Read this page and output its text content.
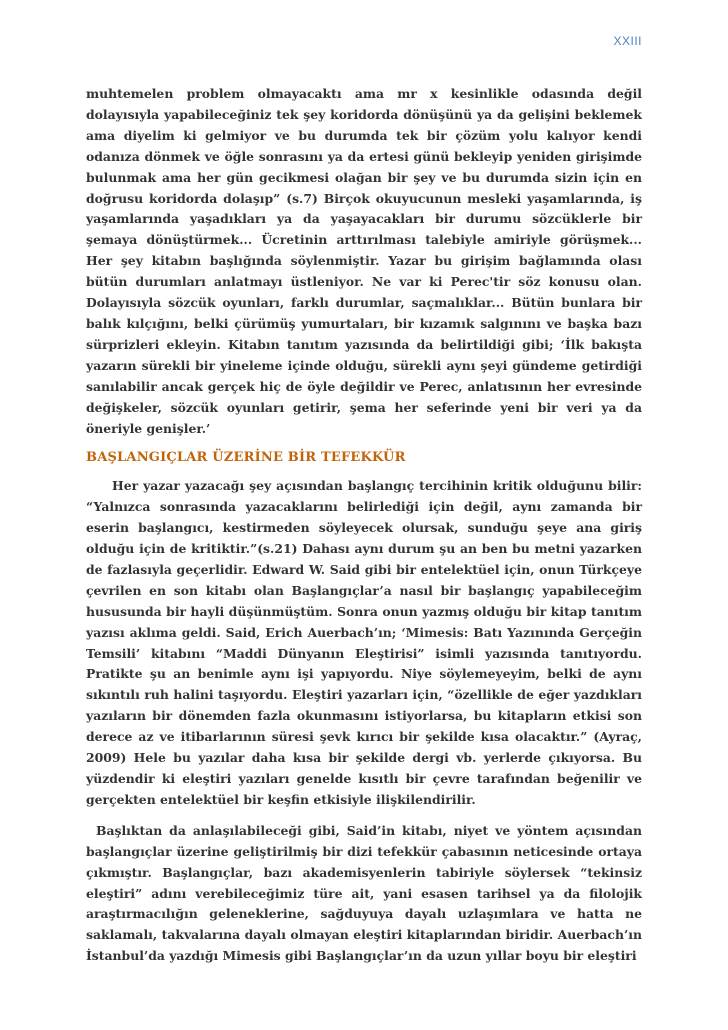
XXIII

muhtemelen problem olmayacaktı ama mr x kesinlikle odasında değil dolayısıyla yapabileceğiniz tek şey koridorda dönüşünü ya da gelişini beklemek ama diyelim ki gelmiyor ve bu durumda tek bir çözüm yolu kalıyor kendi odanıza dönmek ve öğle sonrasını ya da ertesi günü bekleyip yeniden girişimde bulunmak ama her gün gecikmesi olağan bir şey ve bu durumda sizin için en doğrusu koridorda dolaşıp” (s.7) Birçok okuyucunun mesleki yaşamlarında, iş yaşamlarında yaşadıkları ya da yaşayacakları bir durumu sözcüklerle bir şemaya dönüştürmek... Ücretinin arttırılması talebiyle amiriyle görüşmek... Her şey kitabın başlığında söylenmiştir. Yazar bu girişim bağlamında olası bütün durumları anlatmayı üstleniyor. Ne var ki Perec'tir söz konusu olan. Dolayısıyla sözcük oyunları, farklı durumlar, saçmalıklar... Bütün bunlara bir balık kılçığını, belki çürümüş yumurtaları, bir kızamık salgınını ve başka bazı sürprizleri ekleyin. Kitabın tanıtım yazısında da belirtildiği gibi; ‘İlk bakışta yazarın sürekli bir yineleme içinde olduğu, sürekli aynı şeyi gündeme getirdiği sanılabilir ancak gerçek hiç de öyle değildir ve Perec, anlatısının her evresinde değişkeler, sözcük oyunları getirir, şema her seferinde yeni bir veri ya da öneriyle genişler.’

BAŞLANGIÇLAR ÜZERİNE BİR TEFEKKÜR

Her yazar yazacağı şey açısından başlangıç tercihinin kritik olduğunu bilir: “Yalnızca sonrasında yazacaklarını belirlediği için değil, aynı zamanda bir eserin başlangıcı, kestirmeden söyleyecek olursak, sunduğu şeye ana giriş olduğu için de kritiktir.”(s.21) Dahası aynı durum şu an ben bu metni yazarken de fazlasıyla geçerlidir. Edward W. Said gibi bir entelektüel için, onun Türkçeye çevrilen en son kitabı olan Başlangıçlar’a nasıl bir başlangıç yapabileceğim hususunda bir hayli düşünmüştüm. Sonra onun yazmış olduğu bir kitap tanıtım yazısı aklıma geldi. Said, Erich Auerbach’ın; ‘Mimesis: Batı Yazınında Gerçeğin Temsili’ kitabını “Maddi Dünyanın Eleştirisi” isimli yazısında tanıtıyordu. Pratikte şu an benimle aynı işi yapıyordu. Niye söylemeyeyim, belki de aynı sıkıntılı ruh halini taşıyordu. Eleştiri yazarları için, “özellikle de eğer yazdıkları yazıların bir dönemden fazla okunmasını istiyorlarsa, bu kitapların etkisi son derece az ve itibarlarının süresi şevk kırıcı bir şekilde kısa olacaktır.” (Ayraç, 2009) Hele bu yazılar daha kısa bir şekilde dergi vb. yerlerde çıkıyorsa. Bu yüzdendir ki eleştiri yazıları genelde kısıtlı bir çevre tarafından beğenilir ve gerçekten entelektüel bir keşfin etkisiyle ilişkilendirilir.

Başlıktan da anlaşılabileceği gibi, Said’in kitabı, niyet ve yöntem açısından başlangıçlar üzerine geliştirilmiş bir dizi tefekkür çabasının neticesinde ortaya çıkmıştır. Başlangıçlar, bazı akademisyenlerin tabiriyle söylersek “tekinsiz eleştiri” adını verebileceğimiz türe ait, yani esasen tarihsel ya da filolojik araştırmacılığın geleneklerine, sağduyuya dayalı uzlaşımlara ve hatta ne saklamalı, takvalarına dayalı olmayan eleştiri kitaplarından biridir. Auerbach’ın İstanbul’da yazdığı Mimesis gibi Başlangıçlar’ın da uzun yıllar boyu bir eleştiri
